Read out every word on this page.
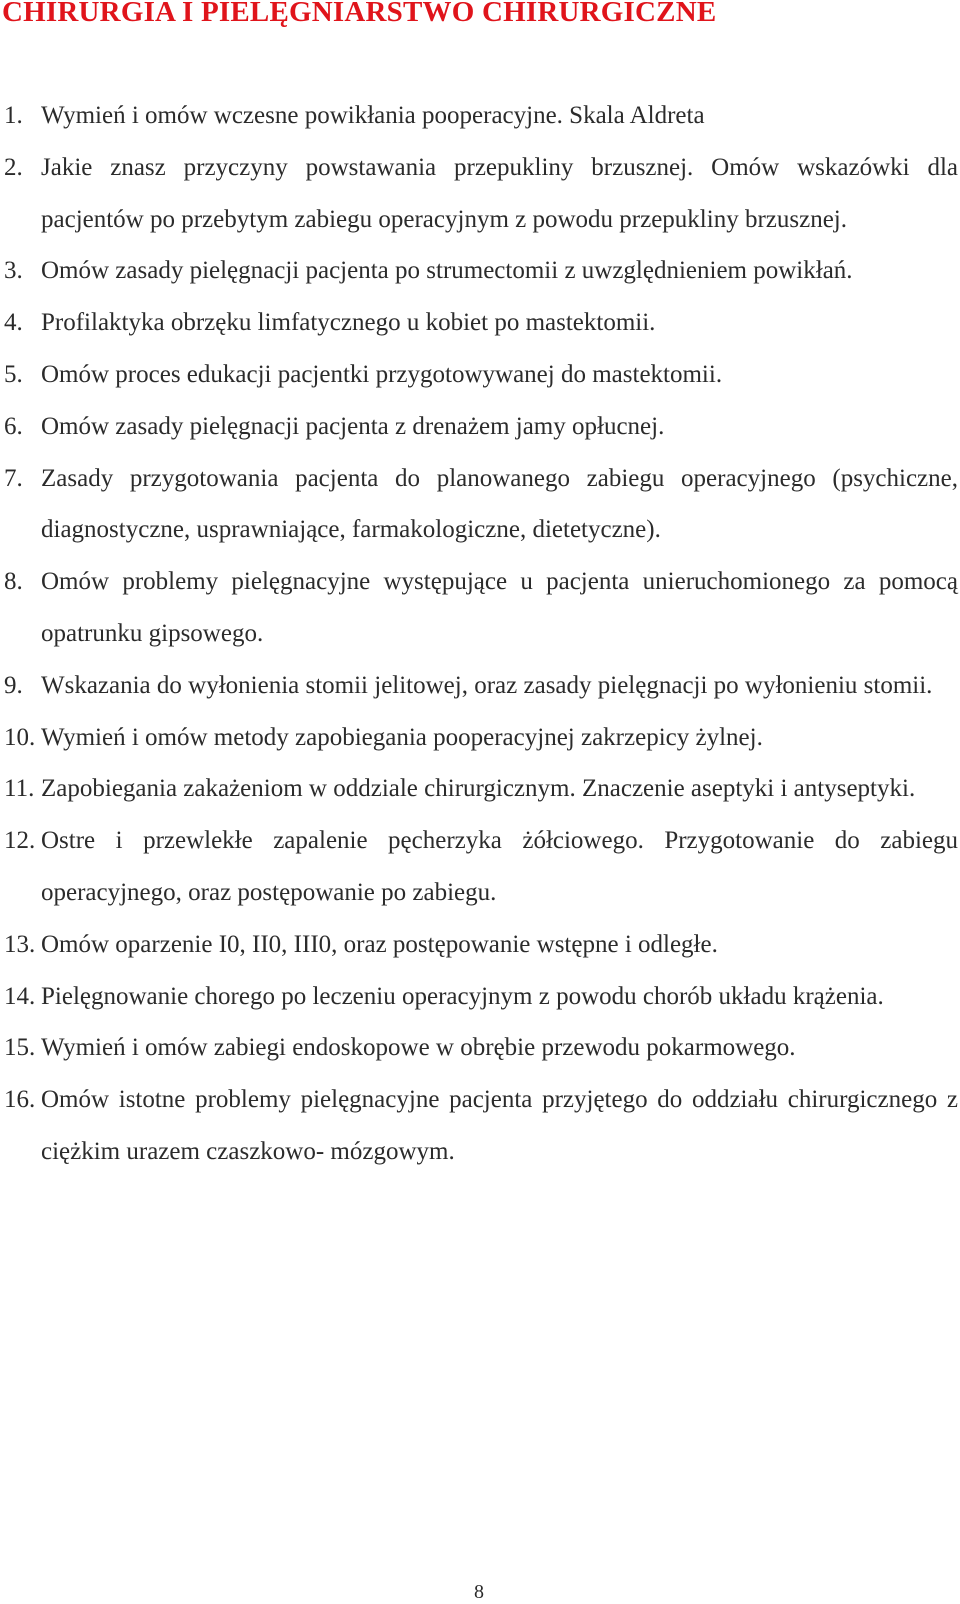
CHIRURGIA I PIELĘGNIARSTWO CHIRURGICZNE
1. Wymień i omów wczesne powikłania pooperacyjne. Skala Aldreta
2. Jakie znasz przyczyny powstawania przepukliny brzusznej. Omów wskazówki dla pacjentów po przebytym zabiegu operacyjnym z powodu przepukliny brzusznej.
3. Omów zasady pielęgnacji pacjenta po strumectomii z uwzględnieniem powikłań.
4. Profilaktyka obrzęku limfatycznego u kobiet po mastektomii.
5. Omów proces edukacji pacjentki przygotowywanej do mastektomii.
6. Omów zasady pielęgnacji pacjenta z drenażem jamy opłucnej.
7. Zasady przygotowania pacjenta do planowanego zabiegu operacyjnego (psychiczne, diagnostyczne, usprawniające, farmakologiczne, dietetyczne).
8. Omów problemy pielęgnacyjne występujące u pacjenta unieruchomionego za pomocą opatrunku gipsowego.
9. Wskazania do wyłonienia stomii jelitowej, oraz zasady pielęgnacji po wyłonieniu stomii.
10. Wymień i omów metody zapobiegania pooperacyjnej zakrzepicy żylnej.
11. Zapobiegania zakażeniom w oddziale chirurgicznym. Znaczenie aseptyki i antyseptyki.
12. Ostre i przewlekłe zapalenie pęcherzyka żółciowego. Przygotowanie do zabiegu operacyjnego, oraz postępowanie po zabiegu.
13. Omów oparzenie I0, II0, III0, oraz postępowanie wstępne i odległe.
14. Pielęgnowanie chorego po leczeniu operacyjnym z powodu chorób układu krążenia.
15. Wymień i omów zabiegi endoskopowe w obrębie przewodu pokarmowego.
16. Omów istotne problemy pielęgnacyjne pacjenta przyjętego do oddziału chirurgicznego z ciężkim urazem czaszkowo- mózgowym.
8
